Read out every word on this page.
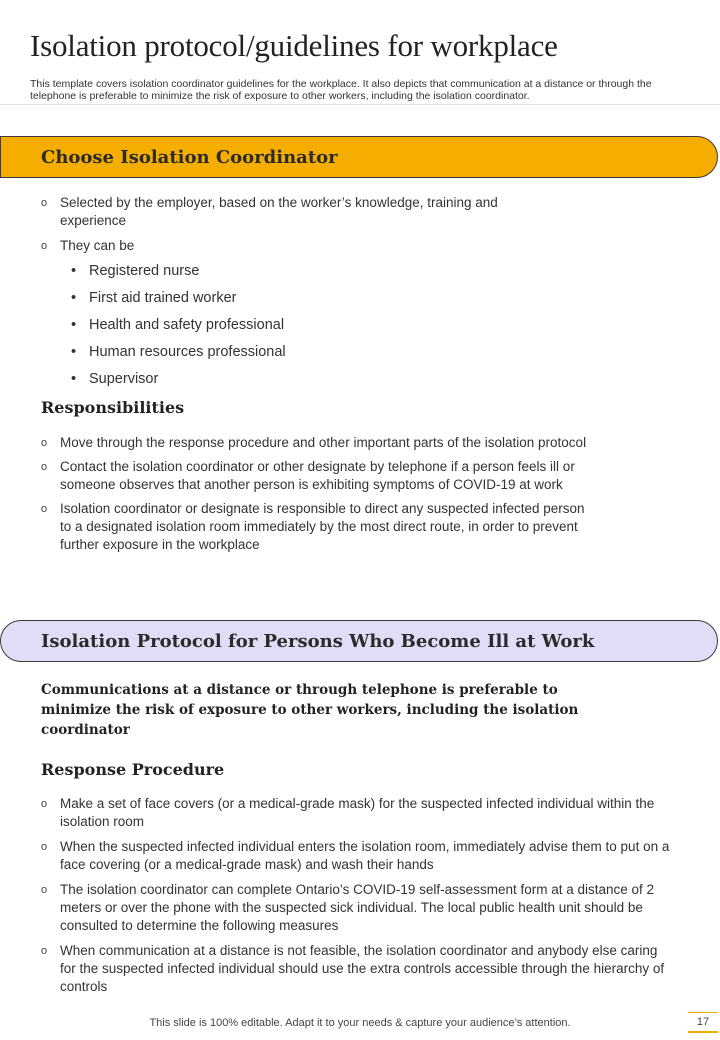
Isolation protocol/guidelines for workplace
This template covers isolation coordinator guidelines for the workplace. It also depicts that communication at a distance or through the telephone is preferable to minimize the risk of exposure to other workers, including the isolation coordinator.
Choose Isolation Coordinator
o Selected by the employer, based on the worker’s knowledge, training and experience
o They can be
• Registered nurse
• First aid trained worker
• Health and safety professional
• Human resources professional
• Supervisor
Responsibilities
o Move through the response procedure and other important parts of the isolation protocol
o Contact the isolation coordinator or other designate by telephone if a person feels ill or someone observes that another person is exhibiting symptoms of COVID-19 at work
o Isolation coordinator or designate is responsible to direct any suspected infected person to a designated isolation room immediately by the most direct route, in order to prevent further exposure in the workplace
Isolation Protocol for Persons Who Become Ill at Work
Communications at a distance or through telephone is preferable to minimize the risk of exposure to other workers, including the isolation coordinator
Response Procedure
o Make a set of face covers (or a medical-grade mask) for the suspected infected individual within the isolation room
o When the suspected infected individual enters the isolation room, immediately advise them to put on a face covering (or a medical-grade mask) and wash their hands
o The isolation coordinator can complete Ontario’s COVID-19 self-assessment form at a distance of 2 meters or over the phone with the suspected sick individual. The local public health unit should be consulted to determine the following measures
o When communication at a distance is not feasible, the isolation coordinator and anybody else caring for the suspected infected individual should use the extra controls accessible through the hierarchy of controls
This slide is 100% editable. Adapt it to your needs & capture your audience’s attention.	17
